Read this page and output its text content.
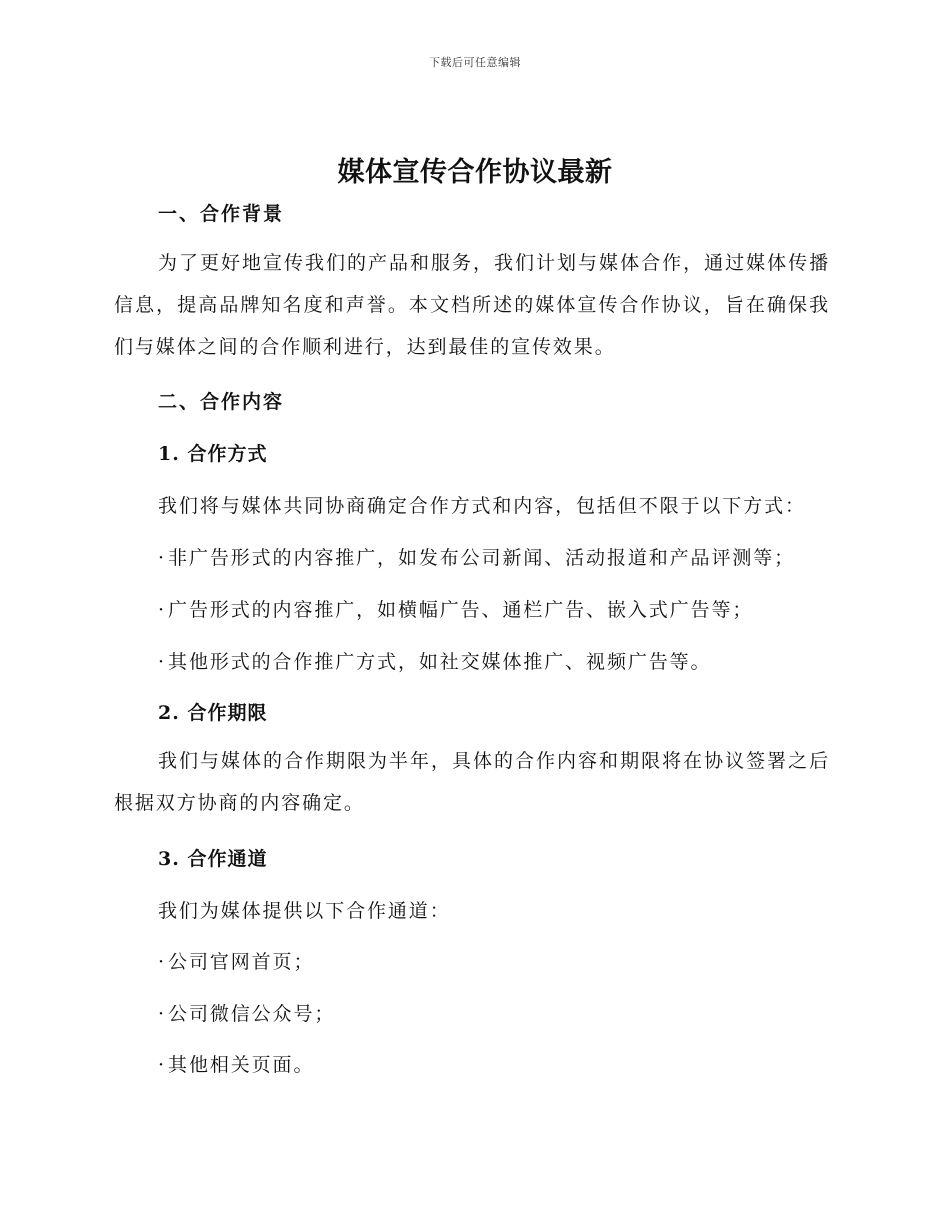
下载后可任意编辑
媒体宣传合作协议最新
一、合作背景
为了更好地宣传我们的产品和服务，我们计划与媒体合作，通过媒体传播信息，提高品牌知名度和声誉。本文档所述的媒体宣传合作协议，旨在确保我们与媒体之间的合作顺利进行，达到最佳的宣传效果。
二、合作内容
1. 合作方式
我们将与媒体共同协商确定合作方式和内容，包括但不限于以下方式：
· 非广告形式的内容推广，如发布公司新闻、活动报道和产品评测等；
· 广告形式的内容推广，如横幅广告、通栏广告、嵌入式广告等；
· 其他形式的合作推广方式，如社交媒体推广、视频广告等。
2. 合作期限
我们与媒体的合作期限为半年，具体的合作内容和期限将在协议签署之后根据双方协商的内容确定。
3. 合作通道
我们为媒体提供以下合作通道：
· 公司官网首页；
· 公司微信公众号；
· 其他相关页面。
